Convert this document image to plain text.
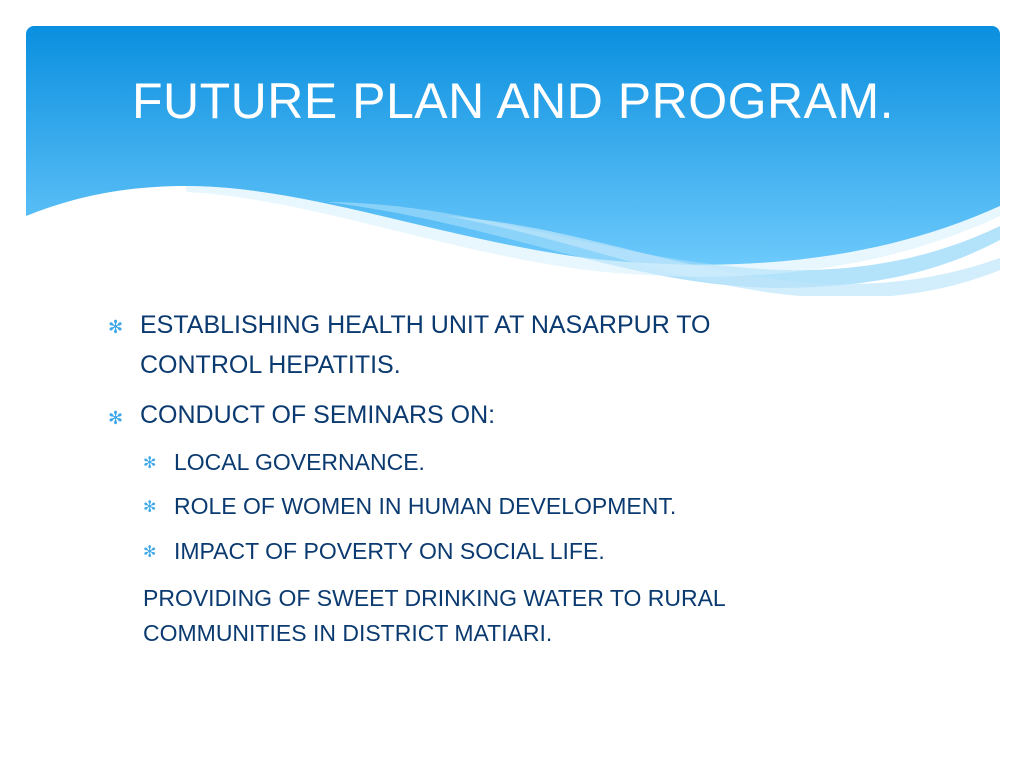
FUTURE PLAN AND PROGRAM.
✻ ESTABLISHING HEALTH UNIT AT NASARPUR TO

CONTROL HEPATITIS.

✻ CONDUCT OF SEMINARS ON:

✻ LOCAL GOVERNANCE.

✻ ROLE OF WOMEN IN HUMAN DEVELOPMENT.

✻ IMPACT OF POVERTY ON SOCIAL LIFE.

PROVIDING OF SWEET DRINKING WATER TO RURAL

COMMUNITIES IN DISTRICT MATIARI.
